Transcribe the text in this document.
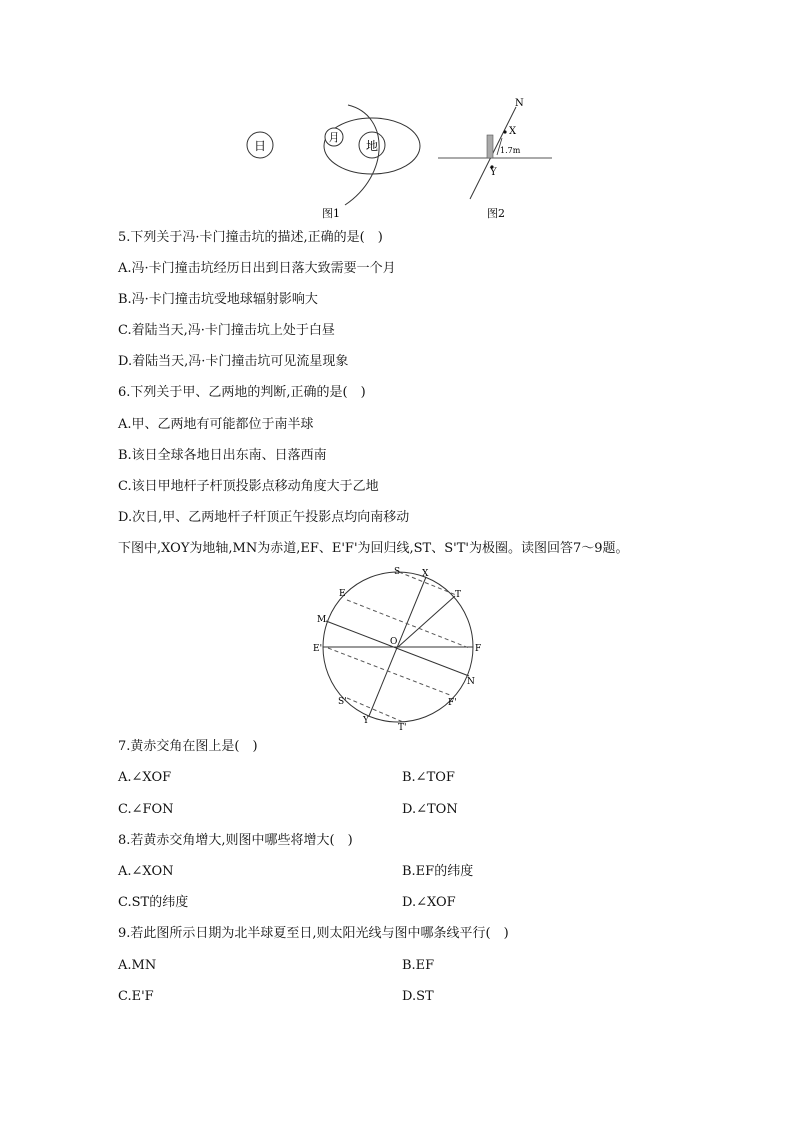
日	地
月
图1
N
X
Y
1.7m
图2
5.下列关于冯·卡门撞击坑的描述,正确的是(　)
A.冯·卡门撞击坑经历日出到日落大致需要一个月
B.冯·卡门撞击坑受地球辐射影响大
C.着陆当天,冯·卡门撞击坑上处于白昼
D.着陆当天,冯·卡门撞击坑可见流星现象
6.下列关于甲、乙两地的判断,正确的是(　)
A.甲、乙两地有可能都位于南半球
B.该日全球各地日出东南、日落西南
C.该日甲地杆子杆顶投影点移动角度大于乙地
D.次日,甲、乙两地杆子杆顶正午投影点均向南移动
下图中,XOY为地轴,MN为赤道,EF、E'F'为回归线,ST、S'T'为极圈。读图回答7～9题。
S X
E	T
M
O
E'	F
N
S'	F'
Y
T'
7.黄赤交角在图上是(　)
A.∠XOF	B.∠TOF
C.∠FON	D.∠TON
8.若黄赤交角增大,则图中哪些将增大(　)
A.∠XON	B.EF的纬度
C.ST的纬度	D.∠XOF
9.若此图所示日期为北半球夏至日,则太阳光线与图中哪条线平行(　)
A.MN	B.EF
C.E'F	D.ST
